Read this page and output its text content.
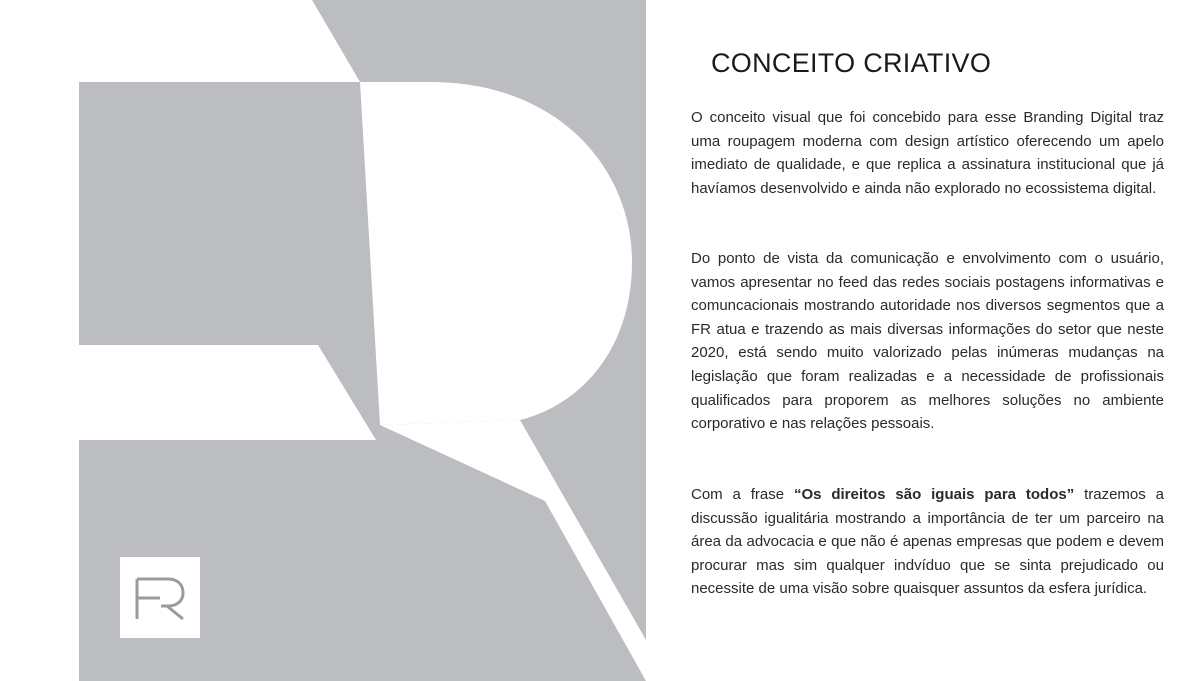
CONCEITO CRIATIVO

O conceito visual que foi concebido para esse Branding Digital traz uma roupagem moderna com design artístico oferecendo um apelo imediato de qualidade, e que replica a assinatura institucional que já havíamos desenvolvido e ainda não explorado no ecossistema digital.

Do ponto de vista da comunicação e envolvimento com o usuário, vamos apresentar no feed das redes sociais postagens informativas e comuncacionais mostrando autoridade nos diversos segmentos que a FR atua e trazendo as mais diversas informações do setor que neste 2020, está sendo muito valorizado pelas inúmeras mudanças na legislação que foram realizadas e a necessidade de profissionais qualificados para proporem as melhores soluções no ambiente corporativo e nas relações pessoais.

Com a frase “Os direitos são iguais para todos” trazemos a discussão igualitária mostrando a importância de ter um parceiro na área da advocacia e que não é apenas empresas que podem e devem procurar mas sim qualquer indvíduo que se sinta prejudicado ou necessite de uma visão sobre quaisquer assuntos da esfera jurídica.
